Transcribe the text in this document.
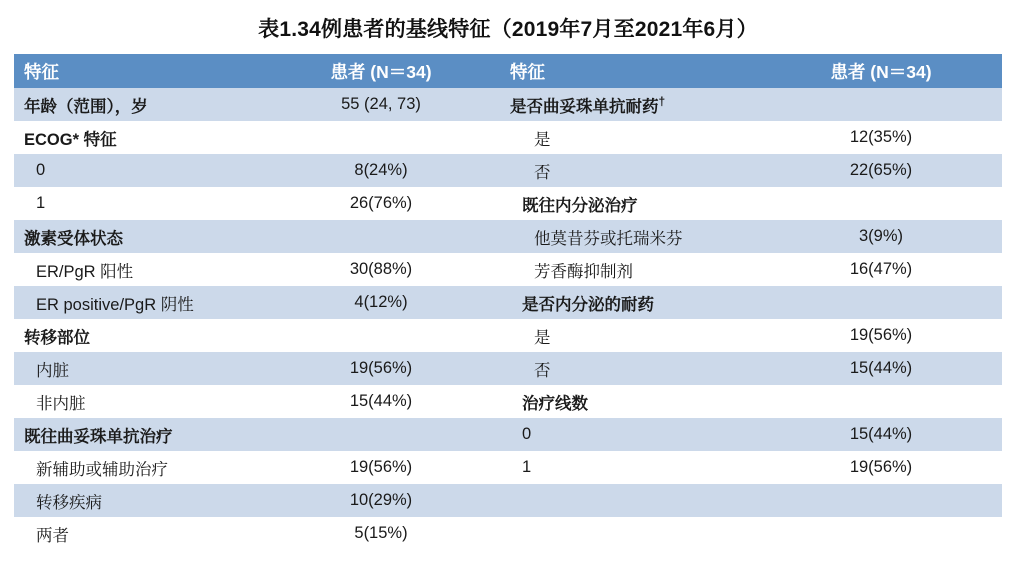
表1.34例患者的基线特征（2019年7月至2021年6月）
特征	患者 (N＝34)	特征	患者 (N＝34)
年龄（范围），岁	55 (24, 73)	是否曲妥珠单抗耐药†	
ECOG* 特征		是	12(35%)
0	8(24%)	否	22(65%)
1	26(76%)	既往内分泌治疗	
激素受体状态		他莫昔芬或托瑞米芬	3(9%)
ER/PgR 阳性	30(88%)	芳香酶抑制剂	16(47%)
ER positive/PgR 阴性	4(12%)	是否内分泌的耐药	
转移部位		是	19(56%)
内脏	19(56%)	否	15(44%)
非内脏	15(44%)	治疗线数	
既往曲妥珠单抗治疗		0	15(44%)
新辅助或辅助治疗	19(56%)	1	19(56%)
转移疾病	10(29%)		
两者	5(15%)		
